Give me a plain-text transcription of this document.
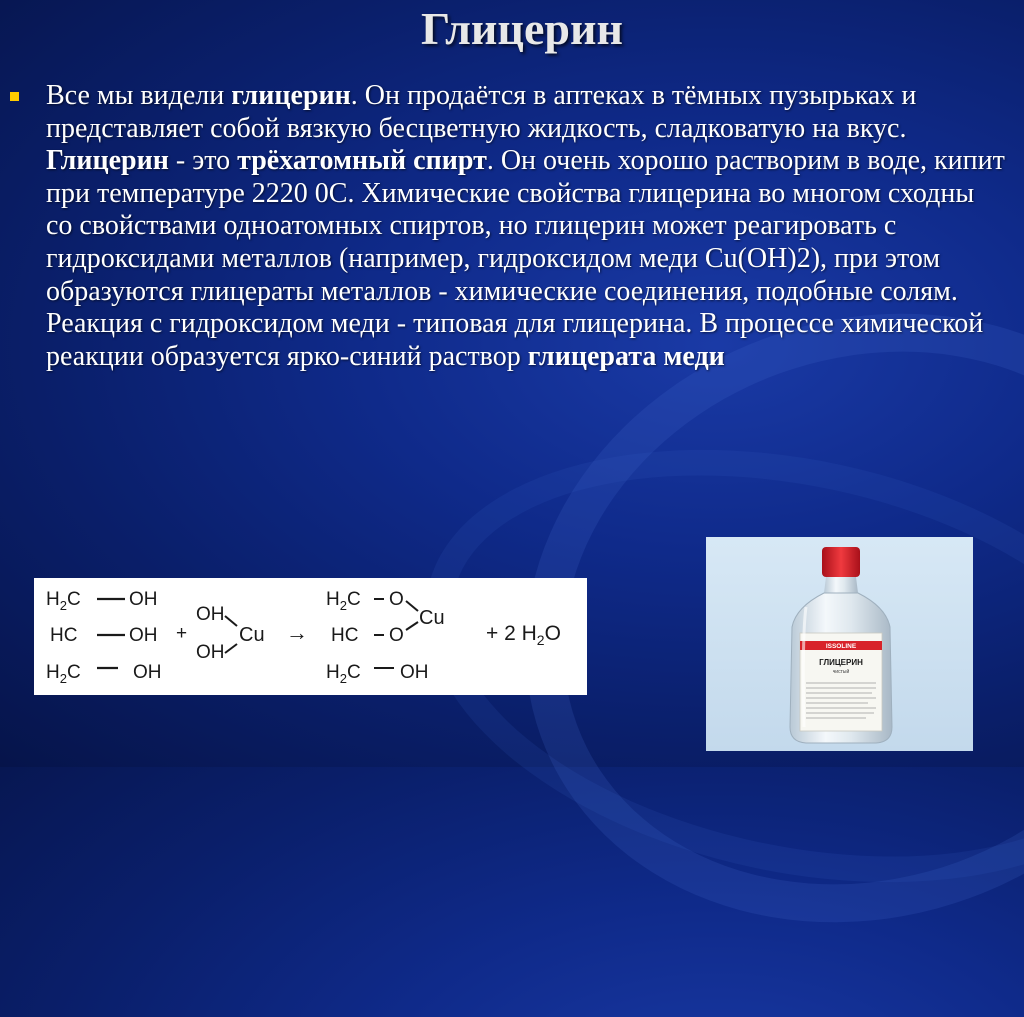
Глицерин
Все мы видели глицерин. Он продаётся в аптеках в тёмных пузырьках и представляет собой вязкую бесцветную жидкость, сладковатую на вкус. Глицерин - это трёхатомный спирт. Он очень хорошо растворим в воде, кипит при температуре 2220 0С. Химические свойства глицерина во многом сходны со свойствами одноатомных спиртов, но глицерин может реагировать с гидроксидами металлов (например, гидроксидом меди Cu(OH)2), при этом образуются глицераты металлов - химические соединения, подобные солям.
Реакция с гидроксидом меди - типовая для глицерина. В процессе химической реакции образуется ярко-синий раствор глицерата меди
$H_2C$	OH
HC	OH
$H_2C$	OH
+
OH
OH
Cu →
$H_2C$ O
HC O
Cu
$H_2C$ OH
+ 2 $H_2O$
ISSOLINE
ГЛИЦЕРИН
чистый
